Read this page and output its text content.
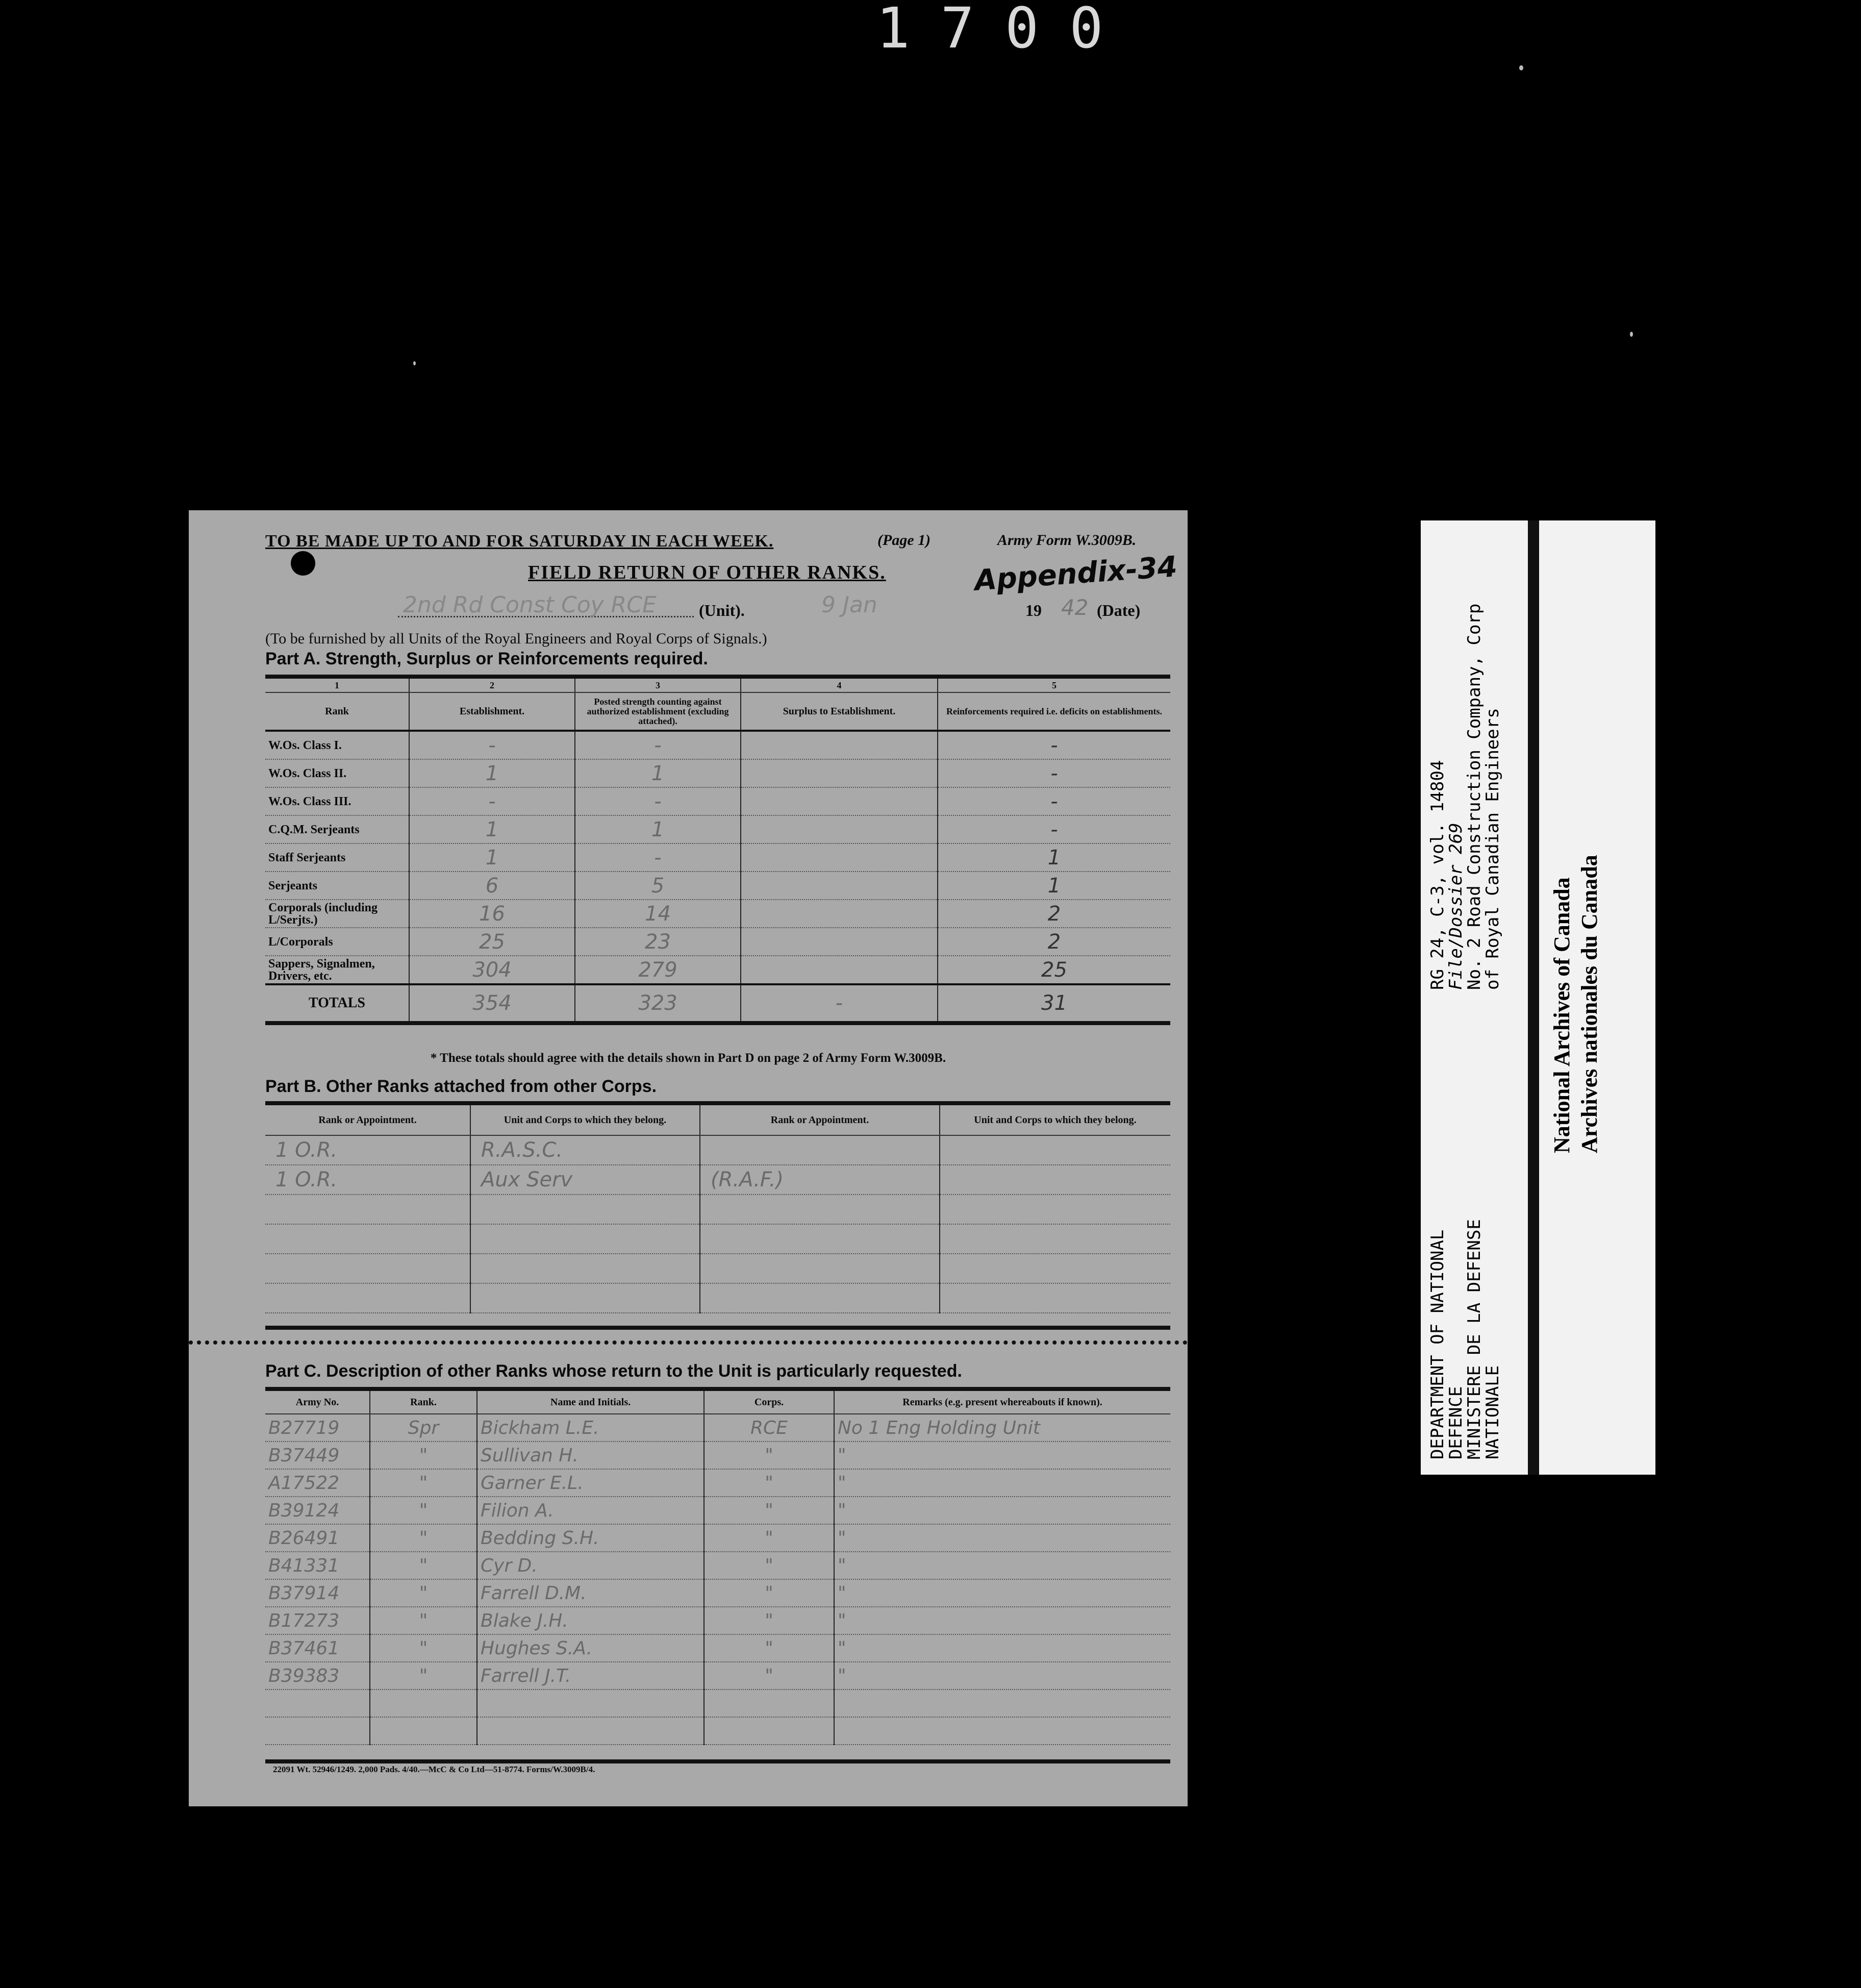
1700
TO BE MADE UP TO AND FOR SATURDAY IN EACH WEEK.	(Page 1)	Army Form W.3009B.
FIELD RETURN OF OTHER RANKS.	Appendix-34
2nd Rd Const Coy RCE	(Unit).	9 Jan	19 42 (Date)
(To be furnished by all Units of the Royal Engineers and Royal Corps of Signals.)
Part A. Strength, Surplus or Reinforcements required.
1	2	3	4	5
Rank	Establishment.	Posted strength counting against authorized establishment (excluding attached).	Surplus to Establishment.	Reinforcements required i.e. deficits on establishments.
W.Os. Class I.	-	-		-
W.Os. Class II.	1	1		-
W.Os. Class III.	-	-		-
C.Q.M. Serjeants	1	1		-
Staff Serjeants	1	-		1
Serjeants	6	5		1
Corporals (including L/Serjts.)	16	14		2
L/Corporals	25	23		2
Sappers, Signalmen, Drivers, etc.	304	279		25
TOTALS	354	323	-	31
* These totals should agree with the details shown in Part D on page 2 of Army Form W.3009B.
Part B. Other Ranks attached from other Corps.
Rank or Appointment.	Unit and Corps to which they belong.	Rank or Appointment.	Unit and Corps to which they belong.
1 O.R.	R.A.S.C.		
1 O.R.	Aux Serv	(R.A.F.)	

Part C. Description of other Ranks whose return to the Unit is particularly requested.
Army No.	Rank.	Name and Initials.	Corps.	Remarks (e.g. present whereabouts if known).
B27719	Spr	Bickham L.E.	RCE	No 1 Eng Holding Unit
B37449	"	Sullivan H.	"	"
A17522	"	Garner E.L.	"	"
B39124	"	Filion A.	"	"
B26491	"	Bedding S.H.	"	"
B41331	"	Cyr D.	"	"
B37914	"	Farrell D.M.	"	"
B17273	"	Blake J.H.	"	"
B37461	"	Hughes S.A.	"	"
B39383	"	Farrell J.T.	"	"

22091 Wt. 52946/1249. 2,000 Pads. 4/40.—McC & Co Ltd—51-8774. Forms/W.3009B/4.
DEPARTMENT OF NATIONAL
DEFENCE
MINISTERE DE LA DEFENSE
NATIONALE
RG 24, C-3, vol. 14804
File/Dossier 269
No. 2 Road Construction Company, Corp
of Royal Canadian Engineers
National Archives of Canada Archives nationales du Canada
